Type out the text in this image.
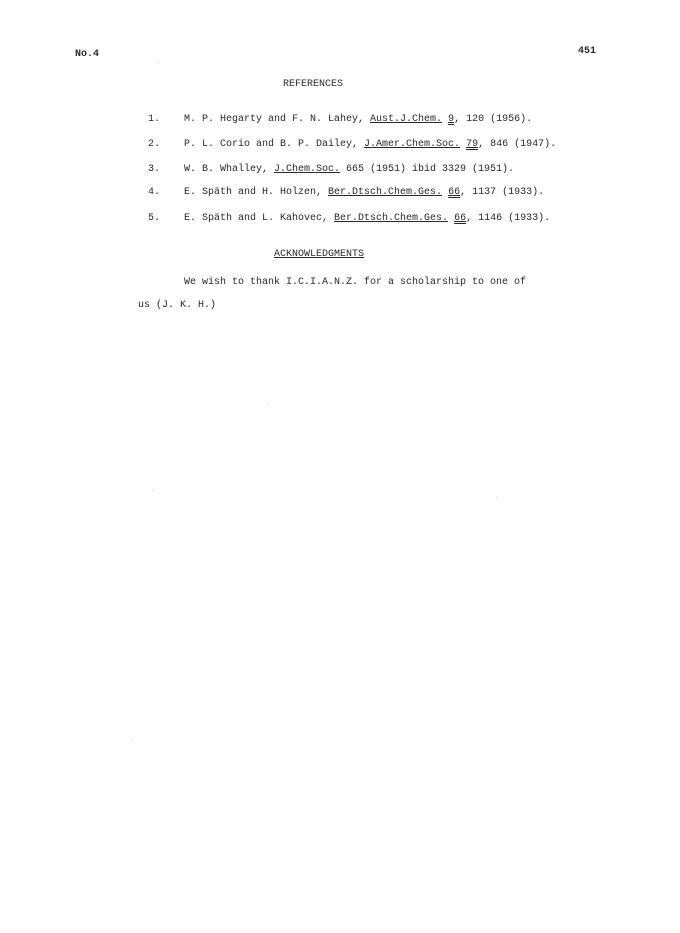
No.4	451
REFERENCES
1. M. P. Hegarty and F. N. Lahey, Aust.J.Chem. 9, 120 (1956).
2. P. L. Corio and B. P. Dailey, J.Amer.Chem.Soc. 79, 846 (1947).
3. W. B. Whalley, J.Chem.Soc. 665 (1951) ibid 3329 (1951).
4. E. Späth and H. Holzen, Ber.Dtsch.Chem.Ges. 66, 1137 (1933).
5. E. Späth and L. Kahovec, Ber.Dtsch.Chem.Ges. 66, 1146 (1933).
ACKNOWLEDGMENTS
We wish to thank I.C.I.A.N.Z. for a scholarship to one of
us (J. K. H.)
